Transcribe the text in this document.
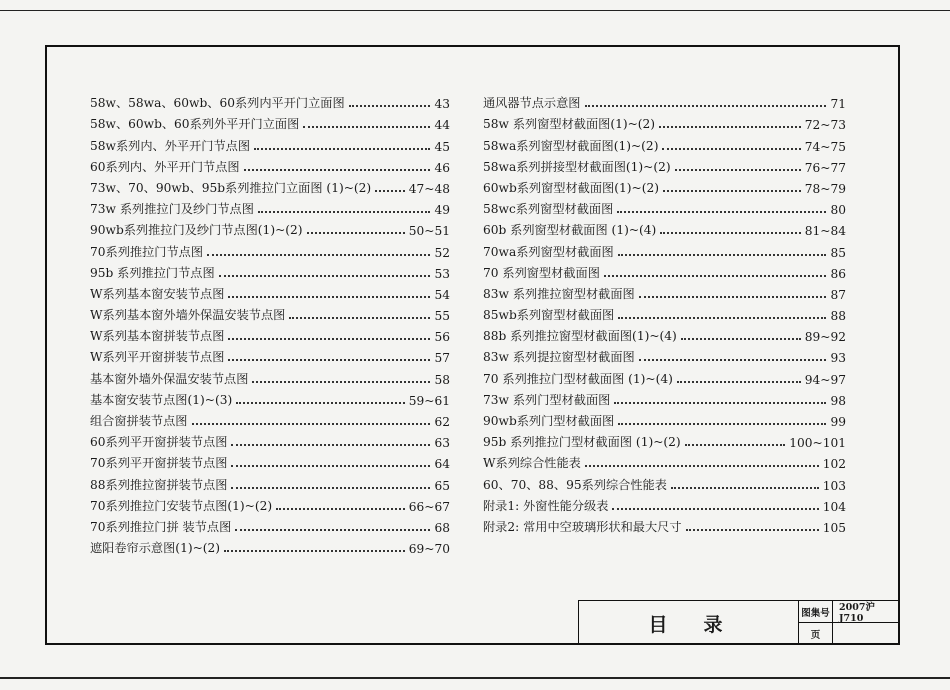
58w、58wa、60wb、60系列内平开门立面图	43
58w、60wb、60系列外平开门立面图	44
58w系列内、外平开门节点图	45
60系列内、外平开门节点图	46
73w、70、90wb、95b系列推拉门立面图 (1)~(2)	47~48
73w 系列推拉门及纱门节点图	49
90wb系列推拉门及纱门节点图(1)~(2)	50~51
70系列推拉门节点图	52
95b 系列推拉门节点图	53
W系列基本窗安装节点图	54
W系列基本窗外墙外保温安装节点图	55
W系列基本窗拼装节点图	56
W系列平开窗拼装节点图	57
基本窗外墙外保温安装节点图	58
基本窗安装节点图(1)~(3)	59~61
组合窗拼装节点图	62
60系列平开窗拼装节点图	63
70系列平开窗拼装节点图	64
88系列推拉窗拼装节点图	65
70系列推拉门安装节点图(1)~(2)	66~67
70系列推拉门拼 装节点图	68
遮阳卷帘示意图(1)~(2)	69~70
通风器节点示意图	71
58w 系列窗型材截面图(1)~(2)	72~73
58wa系列窗型材截面图(1)~(2)	74~75
58wa系列拼接型材截面图(1)~(2)	76~77
60wb系列窗型材截面图(1)~(2)	78~79
58wc系列窗型材截面图	80
60b 系列窗型材截面图 (1)~(4)	81~84
70wa系列窗型材截面图	85
70 系列窗型材截面图	86
83w 系列推拉窗型材截面图	87
85wb系列窗型材截面图	88
88b 系列推拉窗型材截面图(1)~(4)	89~92
83w 系列提拉窗型材截面图	93
70 系列推拉门型材截面图 (1)~(4)	94~97
73w 系列门型材截面图	98
90wb系列门型材截面图	99
95b 系列推拉门型材截面图 (1)~(2)	100~101
W系列综合性能表	102
60、70、88、95系列综合性能表	103
附录1: 外窗性能分级表	104
附录2: 常用中空玻璃形状和最大尺寸	105
目录
图集号 2007沪J710
页
